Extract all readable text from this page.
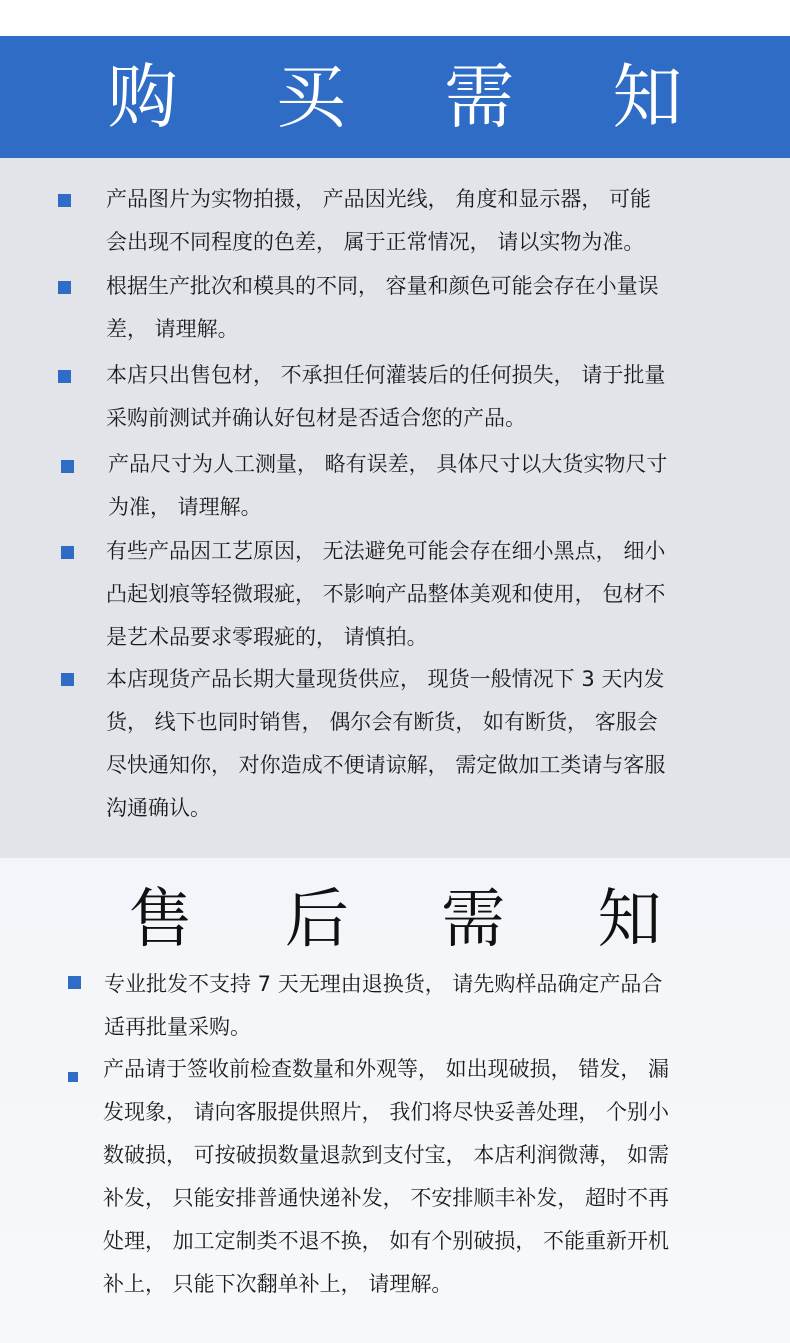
购 买 需 知
产品图片为实物拍摄， 产品因光线， 角度和显示器， 可能
会出现不同程度的色差， 属于正常情况， 请以实物为准。
根据生产批次和模具的不同， 容量和颜色可能会存在小量误
差， 请理解。
本店只出售包材， 不承担任何灌装后的任何损失， 请于批量
采购前测试并确认好包材是否适合您的产品。
产品尺寸为人工测量， 略有误差， 具体尺寸以大货实物尺寸
为准， 请理解。
有些产品因工艺原因， 无法避免可能会存在细小黑点， 细小
凸起划痕等轻微瑕疵， 不影响产品整体美观和使用， 包材不
是艺术品要求零瑕疵的， 请慎拍。
本店现货产品长期大量现货供应， 现货一般情况下 3 天内发
货， 线下也同时销售， 偶尔会有断货， 如有断货， 客服会
尽快通知你， 对你造成不便请谅解， 需定做加工类请与客服
沟通确认。
售 后 需 知
专业批发不支持 7 天无理由退换货， 请先购样品确定产品合
适再批量采购。
产品请于签收前检查数量和外观等， 如出现破损， 错发， 漏
发现象， 请向客服提供照片， 我们将尽快妥善处理， 个别小
数破损， 可按破损数量退款到支付宝， 本店利润微薄， 如需
补发， 只能安排普通快递补发， 不安排顺丰补发， 超时不再
处理， 加工定制类不退不换， 如有个别破损， 不能重新开机
补上， 只能下次翻单补上， 请理解。
